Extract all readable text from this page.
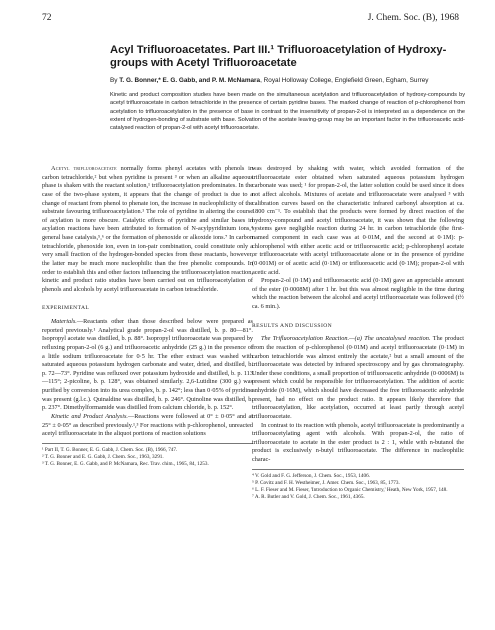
72	J. Chem. Soc. (B), 1968
Acyl Trifluoroacetates. Part III.¹ Trifluoroacetylation of Hydroxy-groups with Acetyl Trifluoroacetate
By T. G. Bonner,* E. G. Gabb, and P. M. McNamara, Royal Holloway College, Englefield Green, Egham, Surrey
Kinetic and product composition studies have been made on the simultaneous acetylation and trifluoroacetylation of hydroxy-compounds by acetyl trifluoroacetate in carbon tetrachloride in the presence of certain pyridine bases. The marked change of reaction of p-chlorophenol from acetylation to trifluoroacetylation in the presence of base in contrast to the insensitivity of propan-2-ol is interpreted as a dependence on the extent of hydrogen-bonding of substrate with base. Solvation of the acetate leaving-group may be an important factor in the trifluoroacetic acid-catalysed reaction of propan-2-ol with acetyl trifluoroacetate.

Acetyl trifluoroacetate normally forms phenyl acetates with phenols in carbon tetrachloride,² but when pyridine is present ³ or when an alkaline aqueous phase is shaken with the reactant solution,¹ trifluoroacetylation predominates. In the case of the two-phase system, it appears that the change of product is due to a change of reactant from phenol to phenate ion, the increase in nucleophilicity of the substrate favouring trifluoroacetylation.¹ The role of pyridine in altering the course of acylation is more obscure. Catalytic effects of pyridine and similar bases in acylation reactions have been attributed to formation of N-acylpyridinium ions,⁴ general base catalysis,⁵,⁶ or the formation of phenoxide or alkoxide ions.⁷ In carbon tetrachloride, phenoxide ion, even in ion-pair combination, could constitute only a very small fraction of the hydrogen-bonded species from these reactants, however, the latter may be much more nucleophilic than the free phenolic compounds. In order to establish this and other factors influencing the trifluoroacetylation reaction, kinetic and product ratio studies have been carried out on trifluoroacetylation of phenols and alcohols by acetyl trifluoroacetate in carbon tetrachloride.

EXPERIMENTAL

Materials.—Reactants other than those described below were prepared as reported previously.¹ Analytical grade propan-2-ol was distilled, b. p. 80—81°. Isopropyl acetate was distilled, b. p. 88°. Isopropyl trifluoroacetate was prepared by refluxing propan-2-ol (6 g.) and trifluoroacetic anhydride (25 g.) in the presence of a little sodium trifluoroacetate for 0·5 hr. The ether extract was washed with saturated aqueous potassium hydrogen carbonate and water, dried, and distilled, b. p. 72—73°. Pyridine was refluxed over potassium hydroxide and distilled, b. p. 113—115°; 2-picoline, b. p. 128°, was obtained similarly. 2,6-Lutidine (300 g.) was purified by conversion into its urea complex, b. p. 142°; less than 0·05% of pyridine was present (g.l.c.). Quinaldine was distilled, b. p. 246°. Quinoline was distilled, b. p. 237°. Dimethylformamide was distilled from calcium chloride, b. p. 152°.

Kinetic and Product Analysis.—Reactions were followed at 0° ± 0·05° and at 25° ± 0·05° as described previously.¹,³ For reactions with p-chlorophenol, unreacted acetyl trifluoroacetate in the aliquot portions of reaction solutions

¹ Part II, T. G. Bonner, E. G. Gabb, J. Chem. Soc. (B), 1966, 747.
² T. G. Bonner and E. G. Gabb, J. Chem. Soc., 1963, 3291.
³ T. G. Bonner, E. G. Gabb, and P. McNamara, Rec. Trav. chim., 1965, 84, 1253.

was destroyed by shaking with water, which avoided formation of the trifluoroacetate ester obtained when saturated aqueous potassium hydrogen carbonate was used; ¹ for propan-2-ol, the latter solution could be used since it does not affect alcohols. Mixtures of acetate and trifluoroacetate were analysed ³ with calibration curves based on the characteristic infrared carbonyl absorption at ca. 1800 cm⁻¹. To establish that the products were formed by direct reaction of the hydroxy-compound and acetyl trifluoroacetate, it was shown that the following systems gave negligible reaction during 24 hr. in carbon tetrachloride (the first-named component in each case was at 0·01M, and the second at 0·1M): p-chlorophenol with either acetic acid or trifluoroacetic acid; p-chlorophenyl acetate or trifluoroacetate with acetyl trifluoroacetate alone or in the presence of pyridine (0·001M) or of acetic acid (0·1M) or trifluoroacetic acid (0·1M); propan-2-ol with acetic acid.

Propan-2-ol (0·1M) and trifluoroacetic acid (0·1M) gave an appreciable amount of the ester (0·0008M) after 1 hr. but this was almost negligible in the time during which the reaction between the alcohol and acetyl trifluoroacetate was followed (t½ ca. 6 min.).

RESULTS AND DISCUSSION

The Trifluoroacetylation Reaction.—(a) The uncatalysed reaction. The product from the reaction of p-chlorophenol (0·01M) and acetyl trifluoroacetate (0·1M) in carbon tetrachloride was almost entirely the acetate,² but a small amount of the trifluoroacetate was detected by infrared spectroscopy and by gas chromatography. Under these conditions, a small proportion of trifluoroacetic anhydride (0·0006M) is present which could be responsible for trifluoroacetylation. The addition of acetic anhydride (0·16M), which should have decreased the free trifluoroacetic anhydride present, had no effect on the product ratio. It appears likely therefore that trifluoroacetylation, like acetylation, occurred at least partly through acetyl trifluoroacetate.

In contrast to its reaction with phenols, acetyl trifluoroacetate is predominantly a trifluoroacetylating agent with alcohols. With propan-2-ol, the ratio of trifluoroacetate to acetate in the ester product is 2 : 1, while with n-butanol the product is exclusively n-butyl trifluoroacetate. The difference in nucleophilic charac-

⁴ V. Gold and F. G. Jefferson, J. Chem. Soc., 1953, 1406.
⁵ P. Covitz and F. H. Westheimer, J. Amer. Chem. Soc., 1963, 85, 1773.
⁶ L. F. Fieser and M. Fieser, 'Introduction to Organic Chemistry,' Heath, New York, 1957, 148.
⁷ A. R. Butler and V. Gold, J. Chem. Soc., 1961, 4365.
